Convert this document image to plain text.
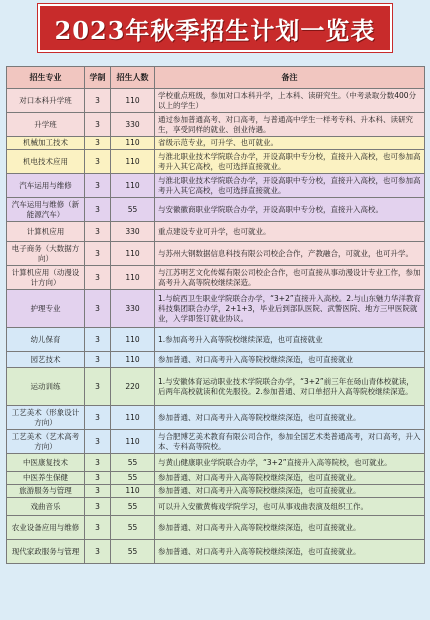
2023年秋季招生计划一览表
招生专业	学制	招生人数	备注
对口本科升学班	3	110	学校重点班级，参加对口本科升学，上本科、读研究生。（中考录取分数400分以上的学生）
升学班	3	330	通过参加普通高考、对口高考，与普通高中学生一样考专科、升本科、读研究生，享受同样的就业、创业待遇。
机械加工技术	3	110	省级示范专业，可升学、也可就业。
机电技术应用	3	110	与淮北职业技术学院联合办学，开设高职中专分校，直接升入高校，也可参加高考升入其它高校，也可选择直接就业。
汽车运用与维修	3	110	与淮北职业技术学院联合办学，开设高职中专分校，直接升入高校，也可参加高考升入其它高校，也可选择直接就业。
汽车运用与维修（新能源汽车）	3	55	与安徽徽商职业学院联合办学，开设高职中专分校，直接升入高校。
计算机应用	3	330	重点建设专业可升学，也可就业。
电子商务（大数据方向）	3	110	与苏州大钢数据信息科技有限公司校企合作，产教融合，可就业，也可升学。
计算机应用（动漫设计方向）	3	110	与江苏明艺文化传媒有限公司校企合作，也可直接从事动漫设计专业工作，参加高考升入高等院校继续深造。
护理专业	3	330	1.与皖西卫生职业学院联合办学，“3+2”直接升入高校。2.与山东魅力华洋教育科技集团联合办学，2+1+3，毕业后到部队医院、武警医院、地方三甲医院就业，入学即签订就业协议。
幼儿保育	3	110	1.参加高考升入高等院校继续深造，也可直接就业
园艺技术	3	110	参加普通、对口高考升入高等院校继续深造，也可直接就业
运动训练	3	220	1.与安徽体育运动职业技术学院联合办学，“3+2”前三年在砀山青体校就读，后两年高校就读和优先服役。2.参加普通、对口单招升入高等院校继续深造。
工艺美术（形象设计方向）	3	110	参加普通、对口高考升入高等院校继续深造，也可直接就业。
工艺美术（艺术高考方向）	3	110	与合肥博艺美术教育有限公司合作，参加全国艺术类普通高考，对口高考，升入本、专科高等院校。
中医康复技术	3	55	与黄山健康职业学院联合办学，“3+2”直接升入高等院校，也可就业。
中医养生保健	3	55	参加普通、对口高考升入高等院校继续深造，也可直接就业。
旅游服务与管理	3	110	参加普通、对口高考升入高等院校继续深造，也可直接就业。
戏曲音乐	3	55	可以升入安徽黄梅戏学院学习，也可从事戏曲表演及组织工作。
农业设备应用与维修	3	55	参加普通、对口高考升入高等院校继续深造，也可直接就业。
现代家政服务与管理	3	55	参加普通、对口高考升入高等院校继续深造，也可直接就业。
